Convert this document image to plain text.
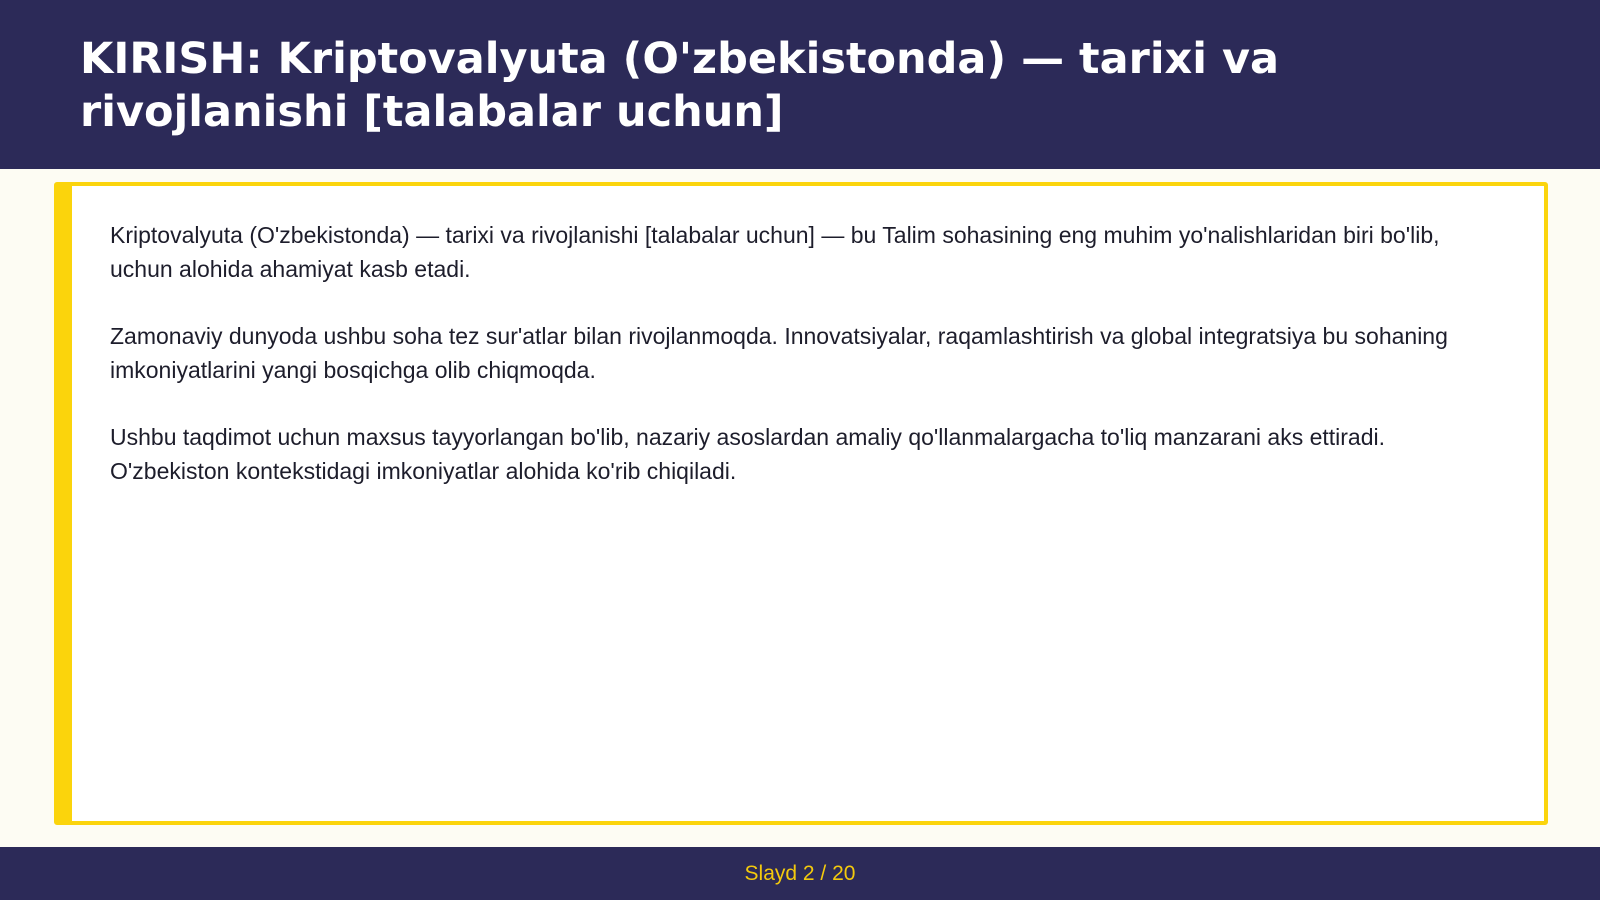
KIRISH: Kriptovalyuta (O'zbekistonda) — tarixi va rivojlanishi [talabalar uchun]

Kriptovalyuta (O'zbekistonda) — tarixi va rivojlanishi [talabalar uchun] — bu Talim sohasining eng muhim yo'nalishlaridan biri bo'lib, uchun alohida ahamiyat kasb etadi.

Zamonaviy dunyoda ushbu soha tez sur'atlar bilan rivojlanmoqda. Innovatsiyalar, raqamlashtirish va global integratsiya bu sohaning imkoniyatlarini yangi bosqichga olib chiqmoqda.

Ushbu taqdimot uchun maxsus tayyorlangan bo'lib, nazariy asoslardan amaliy qo'llanmalargacha to'liq manzarani aks ettiradi. O'zbekiston kontekstidagi imkoniyatlar alohida ko'rib chiqiladi.

Slayd 2 / 20
